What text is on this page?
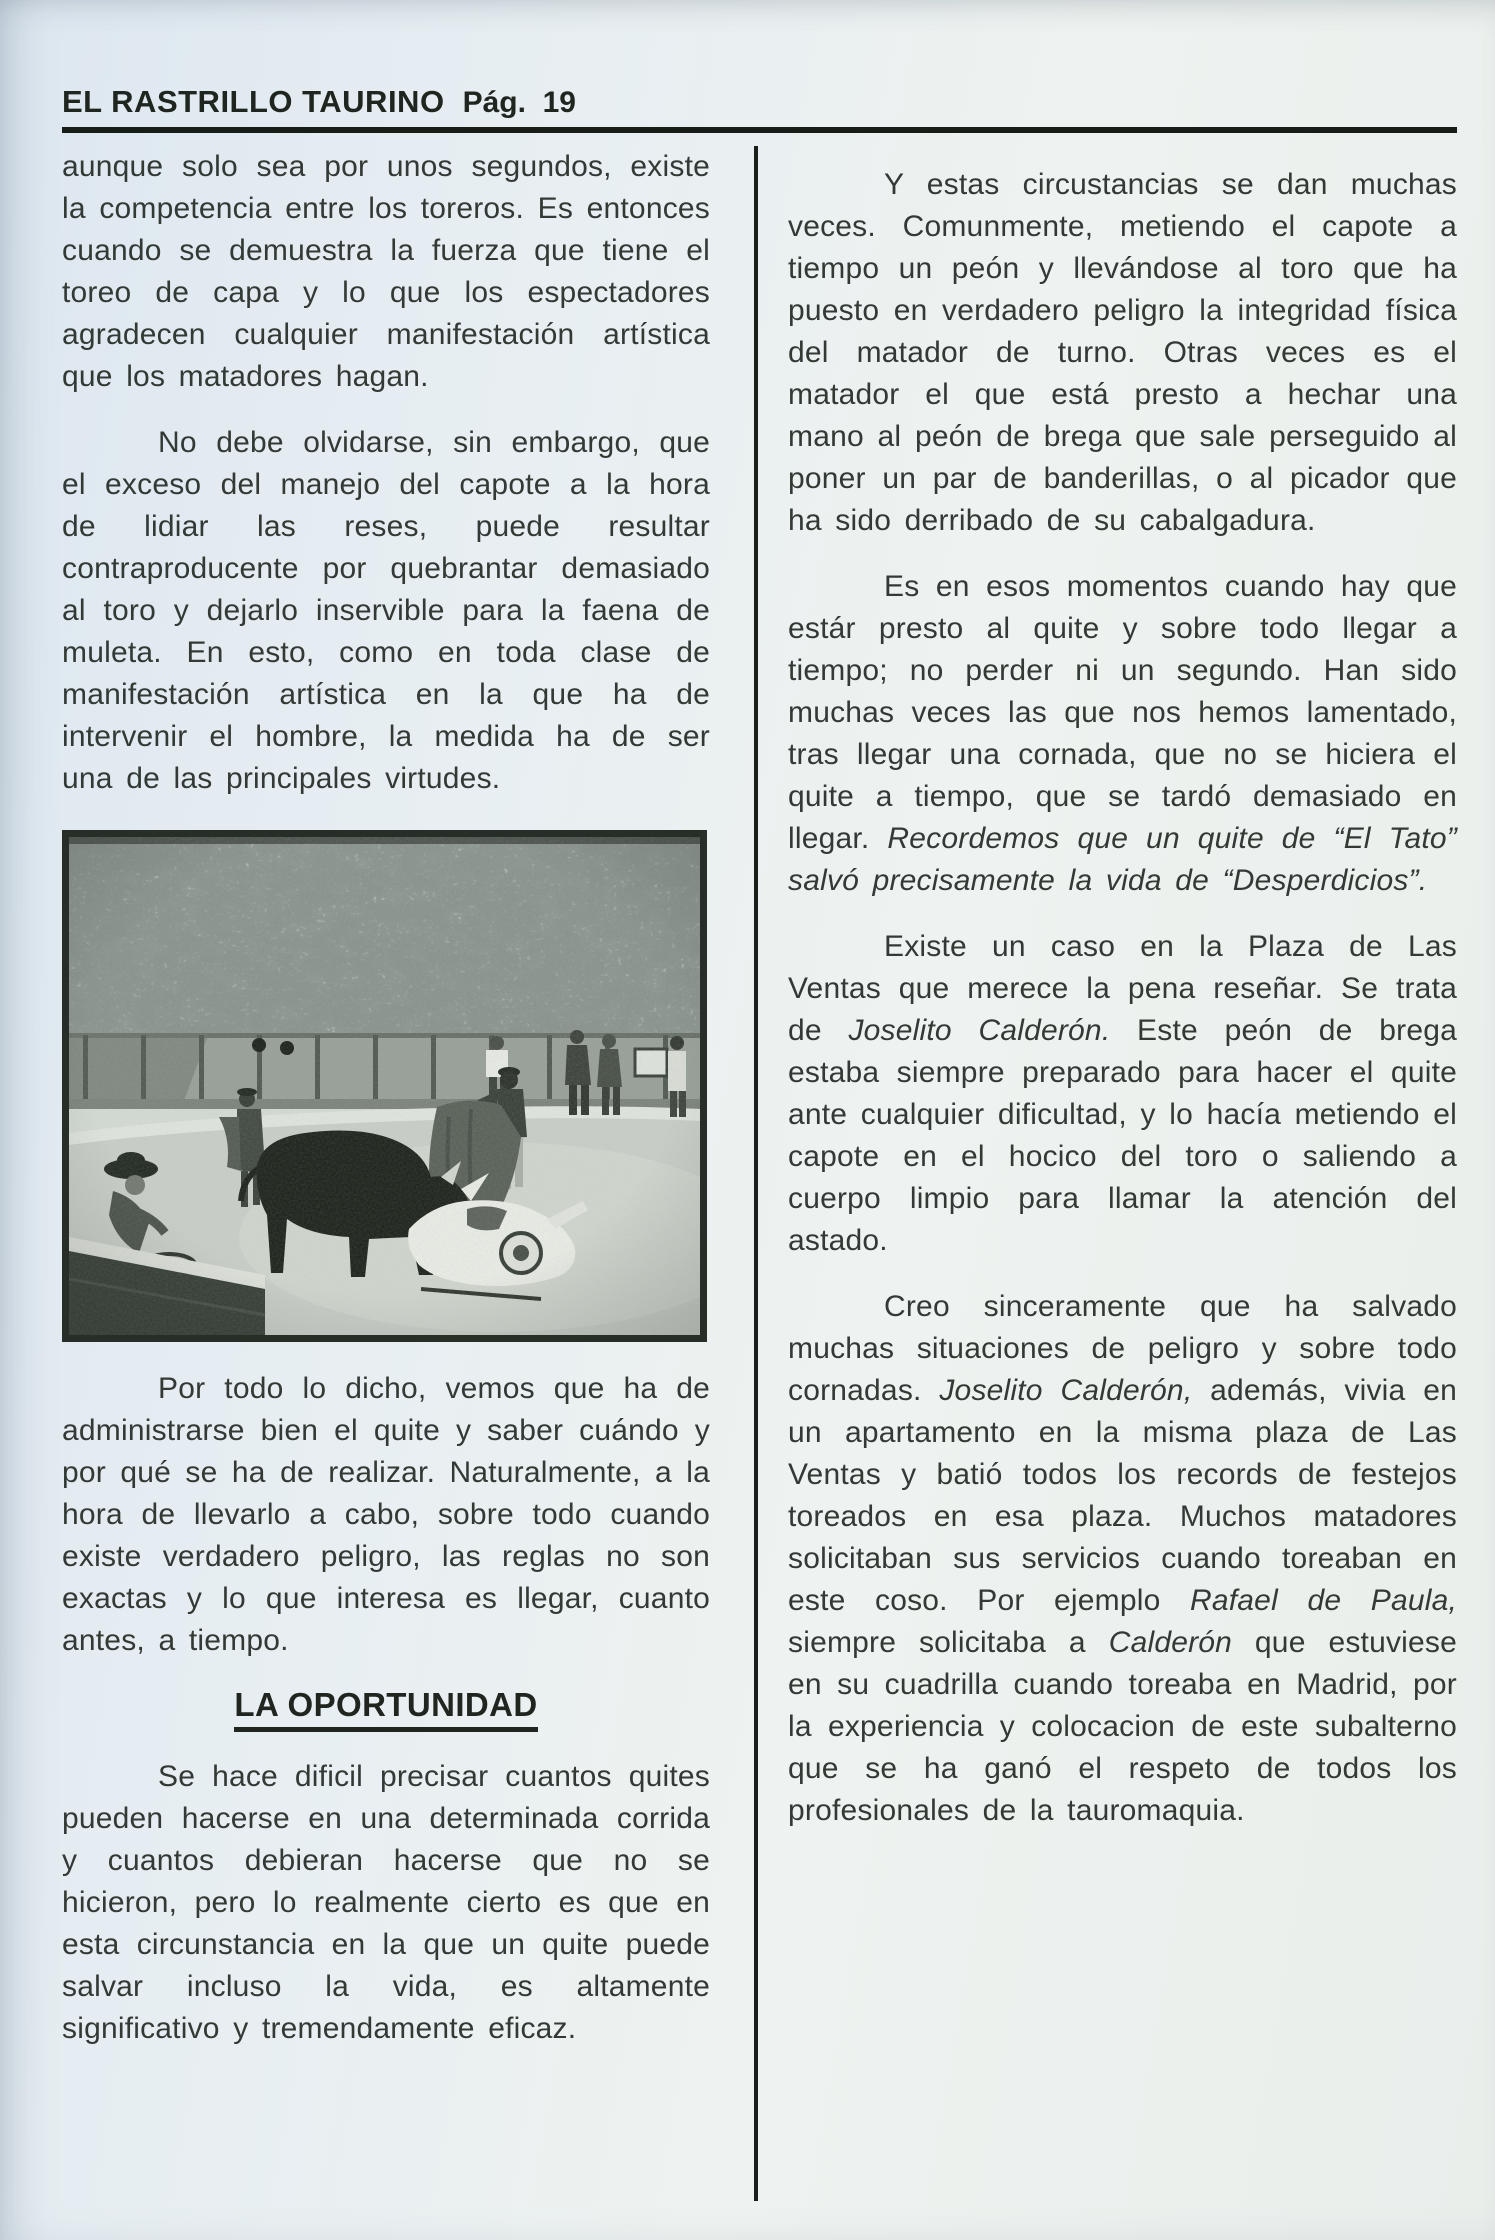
EL RASTRILLO TAURINO Pág. 19

aunque solo sea por unos segundos, existe la competencia entre los toreros. Es entonces cuando se demuestra la fuerza que tiene el toreo de capa y lo que los espectadores agradecen cualquier manifestación artística que los matadores hagan.

No debe olvidarse, sin embargo, que el exceso del manejo del capote a la hora de lidiar las reses, puede resultar contraproducente por quebrantar demasiado al toro y dejarlo inservible para la faena de muleta. En esto, como en toda clase de manifestación artística en la que ha de intervenir el hombre, la medida ha de ser una de las principales virtudes.

Por todo lo dicho, vemos que ha de administrarse bien el quite y saber cuándo y por qué se ha de realizar. Naturalmente, a la hora de llevarlo a cabo, sobre todo cuando existe verdadero peligro, las reglas no son exactas y lo que interesa es llegar, cuanto antes, a tiempo.

LA OPORTUNIDAD

Se hace dificil precisar cuantos quites pueden hacerse en una determinada corrida y cuantos debieran hacerse que no se hicieron, pero lo realmente cierto es que en esta circunstancia en la que un quite puede salvar incluso la vida, es altamente significativo y tremendamente eficaz.

Y estas circustancias se dan muchas veces. Comunmente, metiendo el capote a tiempo un peón y llevándose al toro que ha puesto en verdadero peligro la integridad física del matador de turno. Otras veces es el matador el que está presto a hechar una mano al peón de brega que sale perseguido al poner un par de banderillas, o al picador que ha sido derribado de su cabalgadura.

Es en esos momentos cuando hay que estár presto al quite y sobre todo llegar a tiempo; no perder ni un segundo. Han sido muchas veces las que nos hemos lamentado, tras llegar una cornada, que no se hiciera el quite a tiempo, que se tardó demasiado en llegar. Recordemos que un quite de “El Tato” salvó precisamente la vida de “Desperdicios”.

Existe un caso en la Plaza de Las Ventas que merece la pena reseñar. Se trata de Joselito Calderón. Este peón de brega estaba siempre preparado para hacer el quite ante cualquier dificultad, y lo hacía metiendo el capote en el hocico del toro o saliendo a cuerpo limpio para llamar la atención del astado.

Creo sinceramente que ha salvado muchas situaciones de peligro y sobre todo cornadas. Joselito Calderón, además, vivia en un apartamento en la misma plaza de Las Ventas y batió todos los records de festejos toreados en esa plaza. Muchos matadores solicitaban sus servicios cuando toreaban en este coso. Por ejemplo Rafael de Paula, siempre solicitaba a Calderón que estuviese en su cuadrilla cuando toreaba en Madrid, por la experiencia y colocacion de este subalterno que se ha ganó el respeto de todos los profesionales de la tauromaquia.
